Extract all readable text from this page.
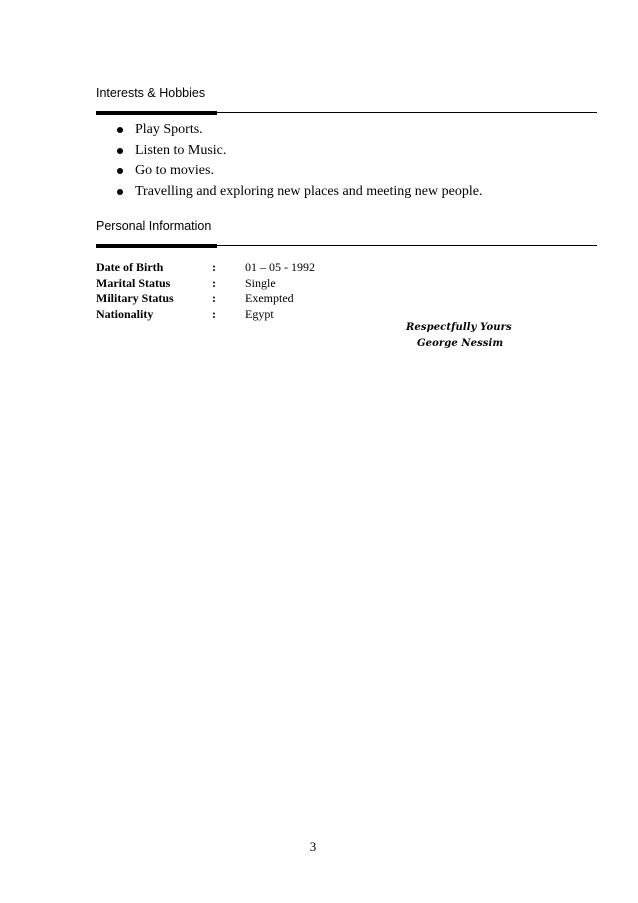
Interests & Hobbies
Play Sports.
Listen to Music.
Go to movies.
Travelling and exploring new places and meeting new people.
Personal Information
Date of Birth	: 01 – 05 - 1992
Marital Status	: Single
Military Status	: Exempted
Nationality	: Egypt
Respectfully Yours
George Nessim
3
